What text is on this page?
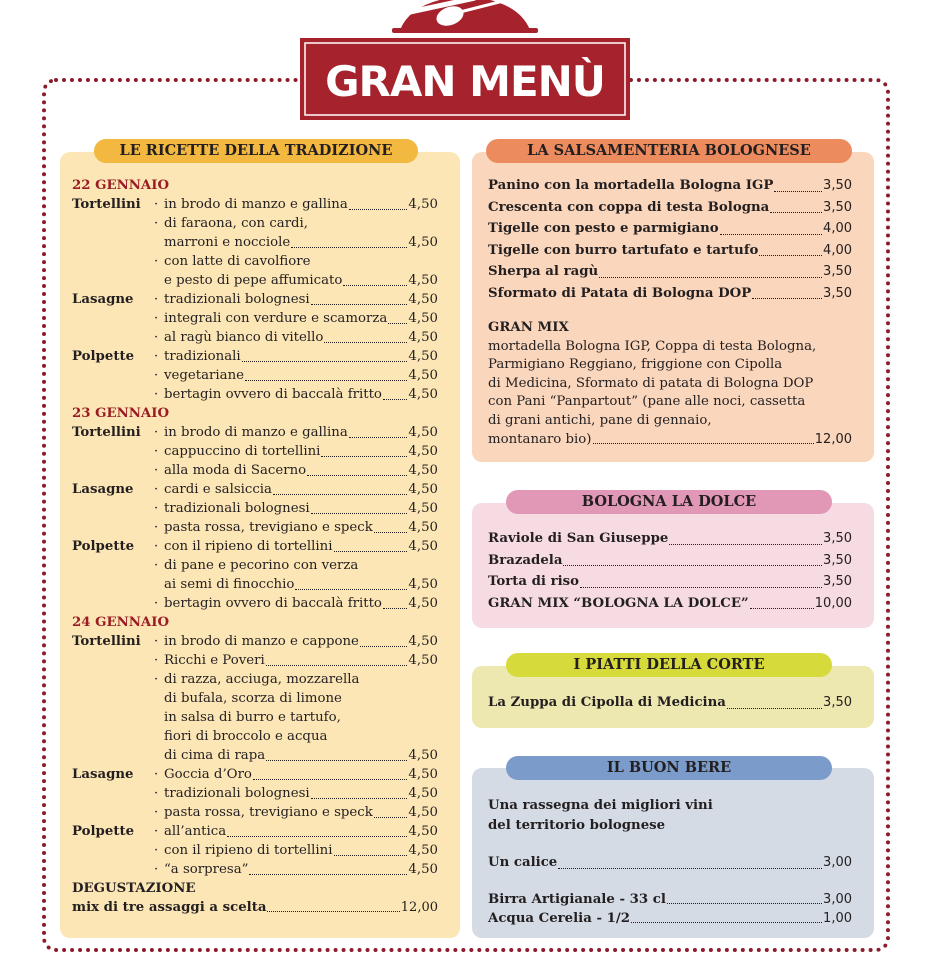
GRAN MENÙ
LE RICETTE DELLA TRADIZIONE
22 GENNAIO
Tortellini · in brodo di manzo e gallina	4,50
· di faraona, con cardi,
marroni e nocciole	4,50
· con latte di cavolfiore
e pesto di pepe affumicato	4,50
Lasagne	· tradizionali bolognesi	4,50
· integrali con verdure e scamorza 4,50
· al ragù bianco di vitello	4,50
Polpette	· tradizionali	4,50
· vegetariane	4,50
· bertagin ovvero di baccalà fritto 4,50
23 GENNAIO
Tortellini · in brodo di manzo e gallina	4,50
· cappuccino di tortellini	4,50
· alla moda di Sacerno	4,50
Lasagne	· cardi e salsiccia	4,50
· tradizionali bolognesi	4,50
· pasta rossa, trevigiano e speck	4,50
Polpette	· con il ripieno di tortellini	4,50
· di pane e pecorino con verza
ai semi di finocchio	4,50
· bertagin ovvero di baccalà fritto 4,50
24 GENNAIO
Tortellini · in brodo di manzo e cappone	4,50
· Ricchi e Poveri	4,50
· di razza, acciuga, mozzarella
di bufala, scorza di limone
in salsa di burro e tartufo,
fiori di broccolo e acqua
di cima di rapa	4,50
Lasagne	· Goccia d’Oro	4,50
· tradizionali bolognesi	4,50
· pasta rossa, trevigiano e speck	4,50
Polpette	· all’antica	4,50
· con il ripieno di tortellini	4,50
· “a sorpresa”	4,50
DEGUSTAZIONE
mix di tre assaggi a scelta	12,00
LA SALSAMENTERIA BOLOGNESE
Panino con la mortadella Bologna IGP	3,50
Crescenta con coppa di testa Bologna	3,50
Tigelle con pesto e parmigiano	4,00
Tigelle con burro tartufato e tartufo	4,00
Sherpa al ragù	3,50
Sformato di Patata di Bologna DOP	3,50
GRAN MIX
mortadella Bologna IGP, Coppa di testa Bologna,
Parmigiano Reggiano, friggione con Cipolla
di Medicina, Sformato di patata di Bologna DOP
con Pani “Panpartout” (pane alle noci, cassetta
di grani antichi, pane di gennaio,
montanaro bio)	12,00
BOLOGNA LA DOLCE
Raviole di San Giuseppe	3,50
Brazadela	3,50
Torta di riso	3,50
GRAN MIX “BOLOGNA LA DOLCE”	10,00
I PIATTI DELLA CORTE
La Zuppa di Cipolla di Medicina	3,50
IL BUON BERE
Una rassegna dei migliori vini
del territorio bolognese
Un calice	3,00
Birra Artigianale - 33 cl	3,00
Acqua Cerelia - 1/2	1,00
